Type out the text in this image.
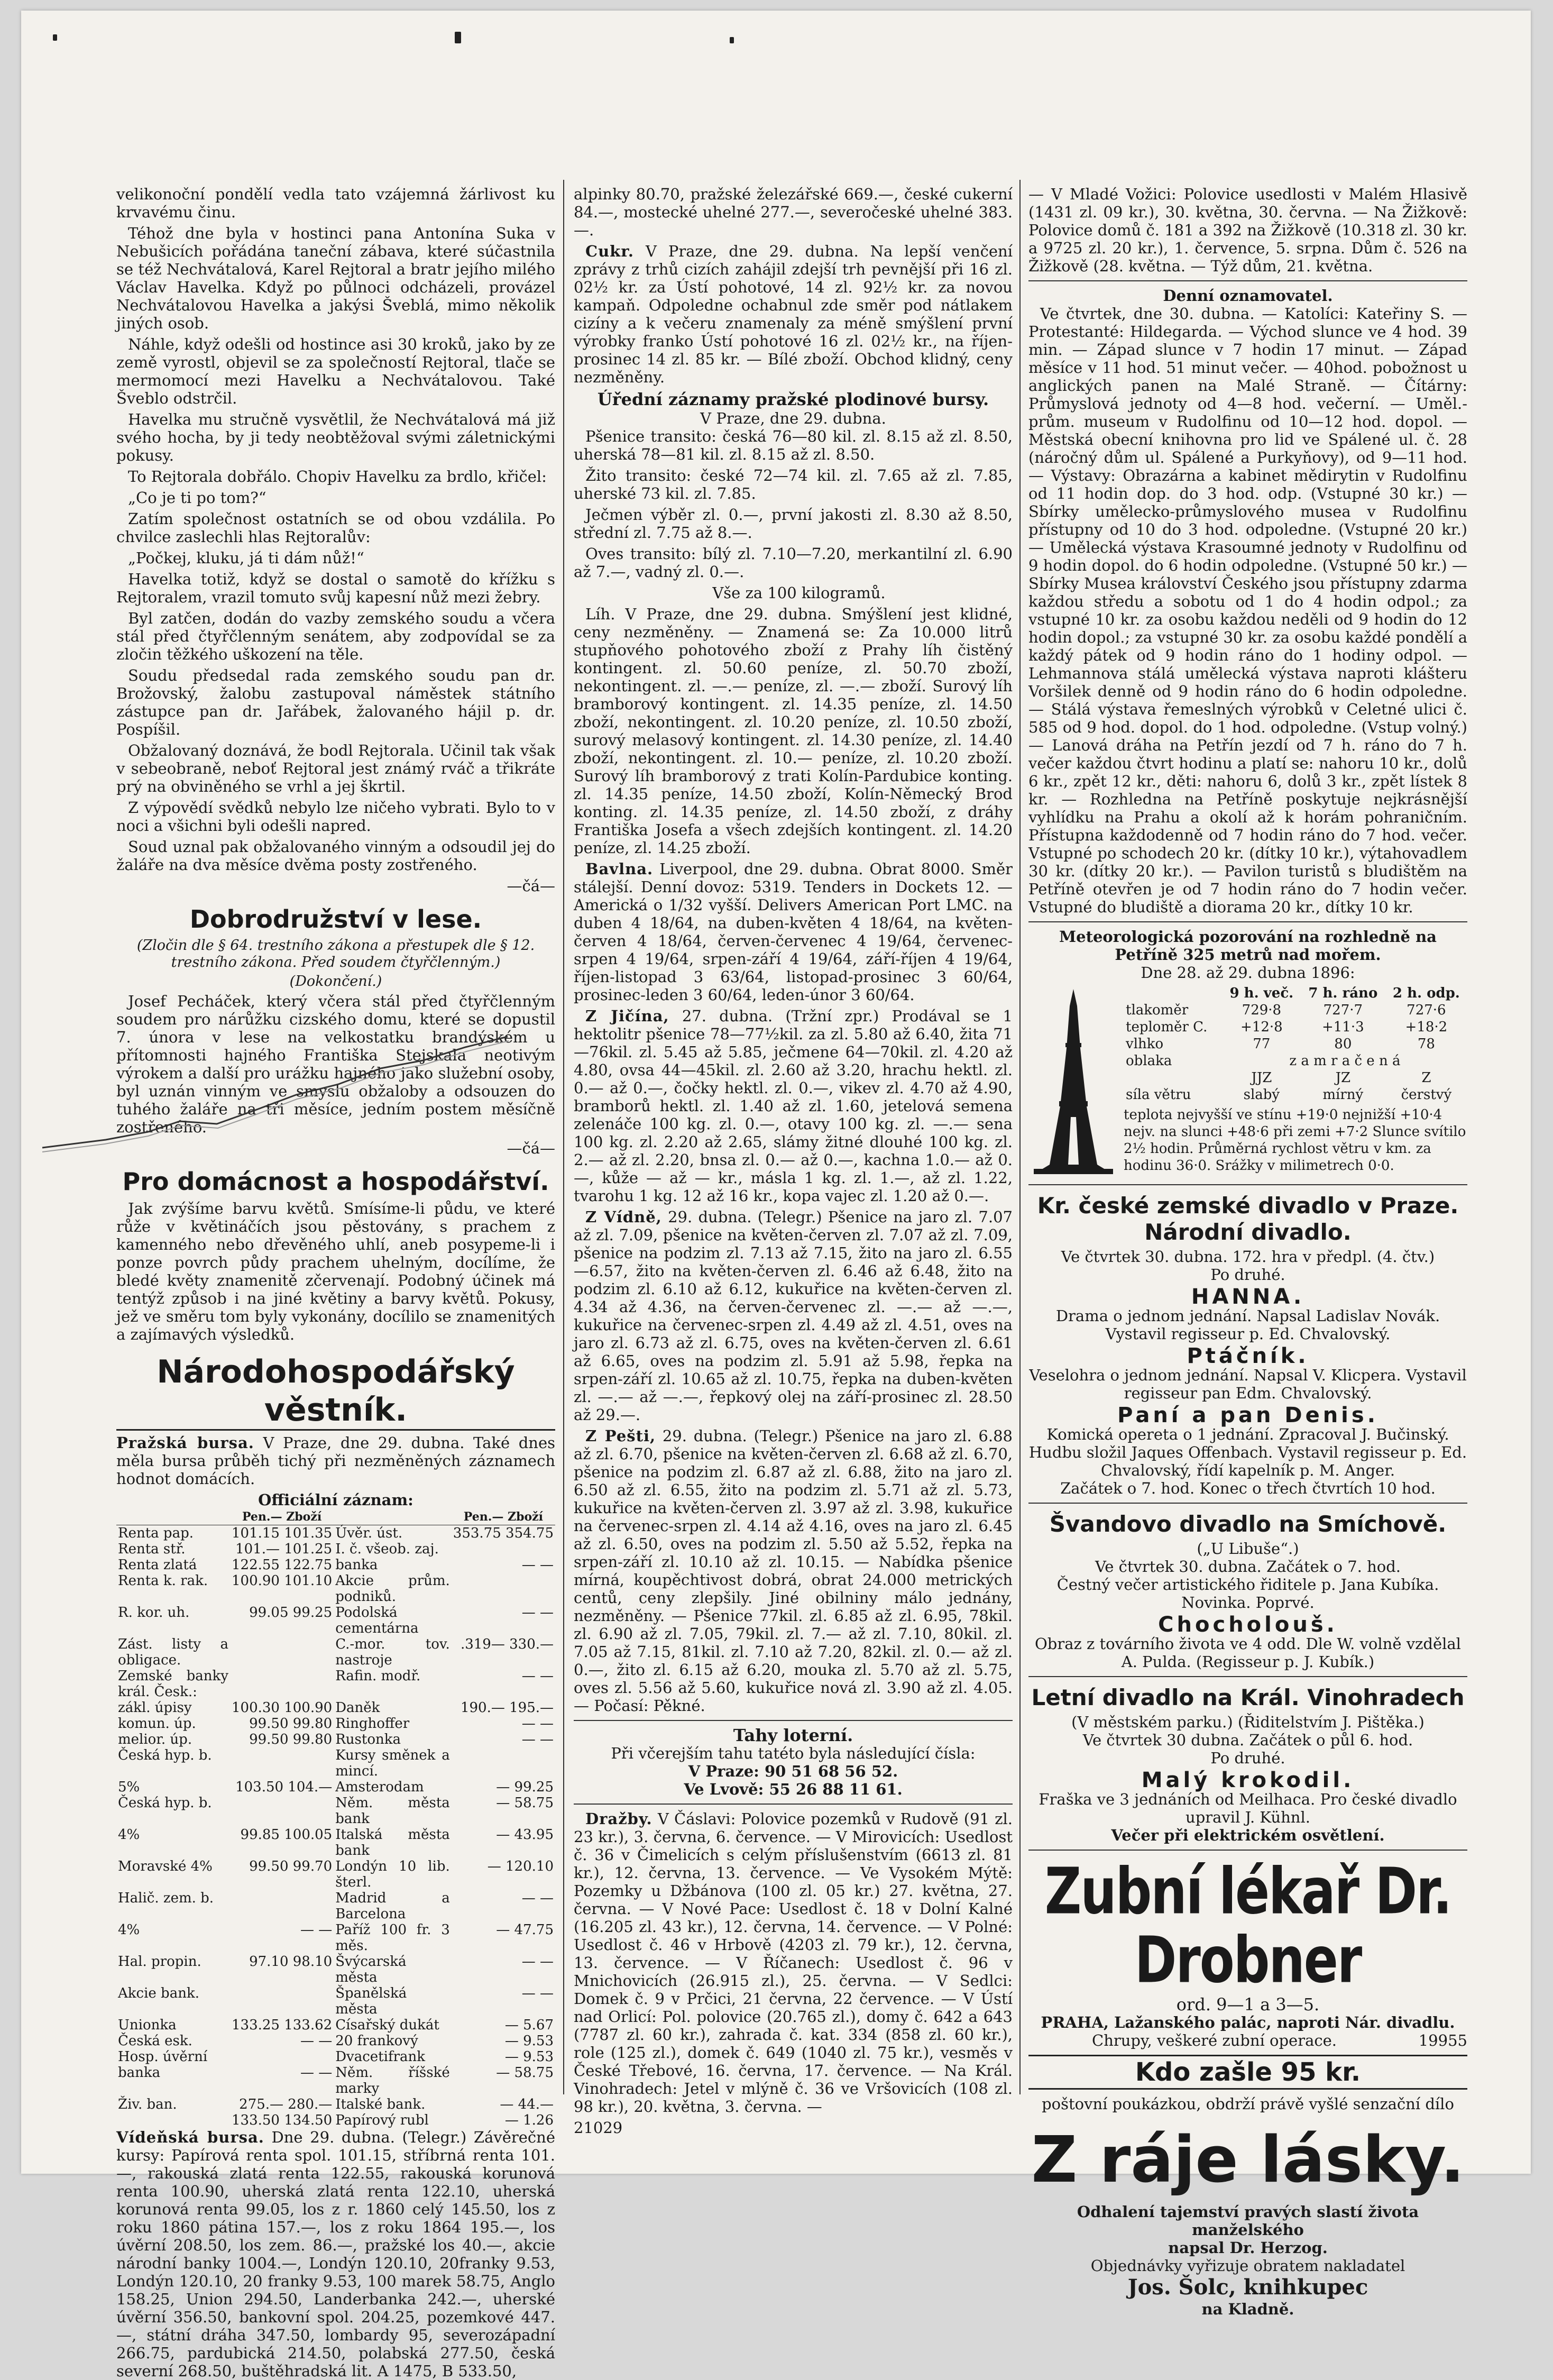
velikonoční pondělí vedla tato vzájemná žárlivost ku krvavému činu.

Téhož dne byla v hostinci pana Antonína Suka v Nebušicích pořádána taneční zábava, které súčastnila se též Nechvátalová, Karel Rejtoral a bratr jejího milého Václav Havelka. Když po půlnoci odcházeli, provázel Nechvátalovou Havelka a jakýsi Šveblá, mimo několik jiných osob.

Náhle, když odešli od hostince asi 30 kroků, jako by ze země vyrostl, objevil se za společností Rejtoral, tlače se mermomocí mezi Havelku a Nechvátalovou. Také Šveblo odstrčil.

Havelka mu stručně vysvětlil, že Nechvátalová má již svého hocha, by ji tedy neobtěžoval svými záletnickými pokusy.

To Rejtorala dobřálo. Chopiv Havelku za brdlo, křičel:

„Co je ti po tom?“

Zatím společnost ostatních se od obou vzdálila. Po chvilce zaslechli hlas Rejtoralův:

„Počkej, kluku, já ti dám nůž!“

Havelka totiž, když se dostal o samotě do křížku s Rejtoralem, vrazil tomuto svůj kapesní nůž mezi žebry.

Byl zatčen, dodán do vazby zemského soudu a včera stál před čtyřčlenným senátem, aby zodpovídal se za zločin těžkého uškození na těle.

Soudu předsedal rada zemského soudu pan dr. Brožovský, žalobu zastupoval náměstek státního zástupce pan dr. Jařábek, žalovaného hájil p. dr. Pospíšil.

Obžalovaný doznává, že bodl Rejtorala. Učinil tak však v sebeobraně, neboť Rejtoral jest známý rváč a třikráte prý na obviněného se vrhl a jej škrtil.

Z výpovědí svědků nebylo lze ničeho vybrati. Bylo to v noci a všichni byli odešli napred.

Soud uznal pak obžalovaného vinným a odsoudil jej do žaláře na dva měsíce dvěma posty zostřeného.

—čá—
Dobrodružství v lese.
(Zločin dle § 64. trestního zákona a přestupek dle § 12. trestního zákona. Před soudem čtyřčlenným.)
(Dokončení.)

Josef Pecháček, který včera stál před čtyřčlenným soudem pro nárůžku cizského domu, které se dopustil 7. února v lese na velkostatku brandýském u přítomnosti hajného Františka Stejskala neotivým výrokem a další pro urážku hajného jako služební osoby, byl uznán vinným ve smyslu obžaloby a odsouzen do tuhého žaláře na tři měsíce, jedním postem měsíčně zostřeného.

—čá—
Pro domácnost a hospodářství.

Jak zvýšíme barvu květů. Smísíme-li půdu, ve které růže v květináčích jsou pěstovány, s prachem z kamenného nebo dřevěného uhlí, aneb posypeme-li i ponze povrch půdy prachem uhelným, docílíme, že bledé květy znamenitě zčervenají. Podobný účinek má tentýž způsob i na jiné květiny a barvy květů. Pokusy, jež ve směru tom byly vykonány, docílilo se znamenitých a zajímavých výsledků.

Národohospodářský věstník.

Pražská bursa. V Praze, dne 29. dubna. Také dnes měla bursa průběh tichý při nezměněných záznamech hodnot domácích.

Officiální záznam:
	Pen.— Zboží		Pen.— Zboží
Renta pap.	101.15 101.35	Úvěr. úst.	353.75 354.75
Renta stř.	101.— 101.25	I. č. všeob. zaj.	
Renta zlatá	122.55 122.75	banka	— —
Renta k. rak.	100.90 101.10	Akcie prům. podniků.	
R. kor. uh.	99.05 99.25	Podolská cementárna	— —
Zást. listy a obligace.		C.-mor. tov. nastroje	.319— 330.—
Zemské banky král. Česk.:		Rafin. modř.	— —
zákl. úpisy	100.30 100.90	Daněk	190.— 195.—
komun. úp.	99.50 99.80	Ringhoffer	— —
melior. úp.	99.50 99.80	Rustonka	— —
Česká hyp. b.		Kursy směnek a mincí.	
5%	103.50 104.—	Amsterodam	— 99.25
Česká hyp. b.		Něm. města bank	— 58.75
4%	99.85 100.05	Italská města bank	— 43.95
Moravské 4%	99.50 99.70	Londýn 10 lib. šterl.	— 120.10
Halič. zem. b.		Madrid a Barcelona	— —
4%	— —	Paříž 100 fr. 3 měs.	— 47.75
Hal. propin.	97.10 98.10	Švýcarská města	— —
Akcie bank.		Španělská města	— —
Unionka	133.25 133.62	Císařský dukát	— 5.67
Česká esk.	— —	20 frankový	— 9.53
Hosp. úvěrní		Dvacetifrank	— 9.53
banka	— —	Něm. říšské marky	— 58.75
Živ. ban.	275.— 280.—	Italské bank.	— 44.—
	133.50 134.50	Papírový rubl	— 1.26

Vídeňská bursa. Dne 29. dubna. (Telegr.) Závěrečné kursy: Papírová renta spol. 101.15, stříbrná renta 101.—, rakouská zlatá renta 122.55, rakouská korunová renta 100.90, uherská zlatá renta 122.10, uherská korunová renta 99.05, los z r. 1860 celý 145.50, los z roku 1860 pátina 157.—, los z roku 1864 195.—, los úvěrní 208.50, los zem. 86.—, pražské los 40.—, akcie národní banky 1004.—, Londýn 120.10, 20franky 9.53, Londýn 120.10, 20 franky 9.53, 100 marek 58.75, Anglo 158.25, Union 294.50, Landerbanka 242.—, uherské úvěrní 356.50, bankovní spol. 204.25, pozemkové 447.—, státní dráha 347.50, lombardy 95, severozápadní 266.75, pardubická 214.50, polabská 277.50, česká severní 268.50, buštěhradská lit. A 1475, B 533.50,

alpinky 80.70, pražské železářské 669.—, české cukerní 84.—, mostecké uhelné 277.—, severočeské uhelné 383.—.

Cukr. V Praze, dne 29. dubna. Na lepší venčení zprávy z trhů cizích zahájil zdejší trh pevnější při 16 zl. 02½ kr. za Ústí pohotové, 14 zl. 92½ kr. za novou kampaň. Odpoledne ochabnul zde směr pod nátlakem cizíny a k večeru znamenaly za méně smýšlení první výrobky franko Ústí pohotové 16 zl. 02½ kr., na říjen-prosinec 14 zl. 85 kr. — Bílé zboží. Obchod klidný, ceny nezměněny.

Úřední záznamy pražské plodinové bursy.
V Praze, dne 29. dubna.

Pšenice transito: česká 76—80 kil. zl. 8.15 až zl. 8.50, uherská 78—81 kil. zl. 8.15 až zl. 8.50.

Žito transito: české 72—74 kil. zl. 7.65 až zl. 7.85, uherské 73 kil. zl. 7.85.

Ječmen výběr zl. 0.—, první jakosti zl. 8.30 až 8.50, střední zl. 7.75 až 8.—.

Oves transito: bílý zl. 7.10—7.20, merkantilní zl. 6.90 až 7.—, vadný zl. 0.—.

Vše za 100 kilogramů.

Líh. V Praze, dne 29. dubna. Smýšlení jest klidné, ceny nezměněny. — Znamená se: Za 10.000 litrů stupňového pohotového zboží z Prahy líh čistěný kontingent. zl. 50.60 peníze, zl. 50.70 zboží, nekontingent. zl. —.— peníze, zl. —.— zboží. Surový líh bramborový kontingent. zl. 14.35 peníze, zl. 14.50 zboží, nekontingent. zl. 10.20 peníze, zl. 10.50 zboží, surový melasový kontingent. zl. 14.30 peníze, zl. 14.40 zboží, nekontingent. zl. 10.— peníze, zl. 10.20 zboží. Surový líh bramborový z trati Kolín-Pardubice konting. zl. 14.35 peníze, 14.50 zboží, Kolín-Německý Brod konting. zl. 14.35 peníze, zl. 14.50 zboží, z dráhy Františka Josefa a všech zdejších kontingent. zl. 14.20 peníze, zl. 14.25 zboží.

Bavlna. Liverpool, dne 29. dubna. Obrat 8000. Směr stálejší. Denní dovoz: 5319. Tenders in Dockets 12. — Americká o 1/32 vyšší. Delivers American Port LMC. na duben 4 18/64, na duben-květen 4 18/64, na květen-červen 4 18/64, červen-červenec 4 19/64, červenec-srpen 4 19/64, srpen-září 4 19/64, září-říjen 4 19/64, říjen-listopad 3 63/64, listopad-prosinec 3 60/64, prosinec-leden 3 60/64, leden-únor 3 60/64.

Z Jičína, 27. dubna. (Tržní zpr.) Prodával se 1 hektolitr pšenice 78—77½kil. za zl. 5.80 až 6.40, žita 71—76kil. zl. 5.45 až 5.85, ječmene 64—70kil. zl. 4.20 až 4.80, ovsa 44—45kil. zl. 2.60 až 3.20, hrachu hektl. zl. 0.— až 0.—, čočky hektl. zl. 0.—, vikev zl. 4.70 až 4.90, bramborů hektl. zl. 1.40 až zl. 1.60, jetelová semena zelenáče 100 kg. zl. 0.—, otavy 100 kg. zl. —.— sena 100 kg. zl. 2.20 až 2.65, slámy žitné dlouhé 100 kg. zl. 2.— až zl. 2.20, bnsa zl. 0.— až 0.—, kachna 1.0.— až 0.—, kůže — až — kr., másla 1 kg. zl. 1.—, až zl. 1.22, tvarohu 1 kg. 12 až 16 kr., kopa vajec zl. 1.20 až 0.—.

Z Vídně, 29. dubna. (Telegr.) Pšenice na jaro zl. 7.07 až zl. 7.09, pšenice na květen-červen zl. 7.07 až zl. 7.09, pšenice na podzim zl. 7.13 až 7.15, žito na jaro zl. 6.55—6.57, žito na květen-červen zl. 6.46 až 6.48, žito na podzim zl. 6.10 až 6.12, kukuřice na květen-červen zl. 4.34 až 4.36, na červen-červenec zl. —.— až —.—, kukuřice na červenec-srpen zl. 4.49 až zl. 4.51, oves na jaro zl. 6.73 až zl. 6.75, oves na květen-červen zl. 6.61 až 6.65, oves na podzim zl. 5.91 až 5.98, řepka na srpen-září zl. 10.65 až zl. 10.75, řepka na duben-květen zl. —.— až —.—, řepkový olej na září-prosinec zl. 28.50 až 29.—.

Z Pešti, 29. dubna. (Telegr.) Pšenice na jaro zl. 6.88 až zl. 6.70, pšenice na květen-červen zl. 6.68 až zl. 6.70, pšenice na podzim zl. 6.87 až zl. 6.88, žito na jaro zl. 6.50 až zl. 6.55, žito na podzim zl. 5.71 až zl. 5.73, kukuřice na květen-červen zl. 3.97 až zl. 3.98, kukuřice na červenec-srpen zl. 4.14 až 4.16, oves na jaro zl. 6.45 až zl. 6.50, oves na podzim zl. 5.50 až 5.52, řepka na srpen-září zl. 10.10 až zl. 10.15. — Nabídka pšenice mírná, koupěchtivost dobrá, obrat 24.000 metrických centů, ceny zlepšily. Jiné obilniny málo jednány, nezměněny. — Pšenice 77kil. zl. 6.85 až zl. 6.95, 78kil. zl. 6.90 až zl. 7.05, 79kil. zl. 7.— až zl. 7.10, 80kil. zl. 7.05 až 7.15, 81kil. zl. 7.10 až 7.20, 82kil. zl. 0.— až zl. 0.—, žito zl. 6.15 až 6.20, mouka zl. 5.70 až zl. 5.75, oves zl. 5.56 až 5.60, kukuřice nová zl. 3.90 až zl. 4.05. — Počasí: Pěkné.

Tahy loterní.
Při včerejším tahu tatéto byla následující čísla:
V Praze: 90 51 68 56 52.
Ve Lvově: 55 26 88 11 61.

Dražby. V Čáslavi: Polovice pozemků v Rudově (91 zl. 23 kr.), 3. června, 6. července. — V Mirovicích: Usedlost č. 36 v Čimelicích s celým příslušenstvím (6613 zl. 81 kr.), 12. června, 13. července. — Ve Vysokém Mýtě: Pozemky u Džbánova (100 zl. 05 kr.) 27. května, 27. června. — V Nové Pace: Usedlost č. 18 v Dolní Kalné (16.205 zl. 43 kr.), 12. června, 14. července. — V Polné: Usedlost č. 46 v Hrbově (4203 zl. 79 kr.), 12. června, 13. července. — V Říčanech: Usedlost č. 96 v Mnichovicích (26.915 zl.), 25. června. — V Sedlci: Domek č. 9 v Prčici, 21 června, 22 července. — V Ústí nad Orlicí: Pol. polovice (20.765 zl.), domy č. 642 a 643 (7787 zl. 60 kr.), zahrada č. kat. 334 (858 zl. 60 kr.), role (125 zl.), domek č. 649 (1040 zl. 75 kr.), vesměs v České Třebové, 16. června, 17. července. — Na Král. Vinohradech: Jetel v mlýně č. 36 ve Vršovicích (108 zl. 98 kr.), 20. května, 3. června. —

21029

— V Mladé Vožici: Polovice usedlosti v Malém Hlasivě (1431 zl. 09 kr.), 30. května, 30. června. — Na Žižkově: Polovice domů č. 181 a 392 na Žižkově (10.318 zl. 30 kr. a 9725 zl. 20 kr.), 1. července, 5. srpna. Dům č. 526 na Žižkově (28. května. — Týž dům, 21. května.

Denní oznamovatel.

Ve čtvrtek, dne 30. dubna. — Katolíci: Kateřiny S. — Protestanté: Hildegarda. — Východ slunce ve 4 hod. 39 min. — Západ slunce v 7 hodin 17 minut. — Západ měsíce v 11 hod. 51 minut večer. — 40hod. pobožnost u anglických panen na Malé Straně. — Čítárny: Průmyslová jednoty od 4—8 hod. večerní. — Uměl.-prům. museum v Rudolfinu od 10—12 hod. dopol. — Městská obecní knihovna pro lid ve Spálené ul. č. 28 (náročný dům ul. Spálené a Purkyňovy), od 9—11 hod. — Výstavy: Obrazárna a kabinet mědirytin v Rudolfinu od 11 hodin dop. do 3 hod. odp. (Vstupné 30 kr.) — Sbírky umělecko-průmyslového musea v Rudolfinu přístupny od 10 do 3 hod. odpoledne. (Vstupné 20 kr.) — Umělecká výstava Krasoumné jednoty v Rudolfinu od 9 hodin dopol. do 6 hodin odpoledne. (Vstupné 50 kr.) — Sbírky Musea království Českého jsou přístupny zdarma každou středu a sobotu od 1 do 4 hodin odpol.; za vstupné 10 kr. za osobu každou neděli od 9 hodin do 12 hodin dopol.; za vstupné 30 kr. za osobu každé pondělí a každý pátek od 9 hodin ráno do 1 hodiny odpol. — Lehmannova stálá umělecká výstava naproti klášteru Voršilek denně od 9 hodin ráno do 6 hodin odpoledne. — Stálá výstava řemeslných výrobků v Celetné ulici č. 585 od 9 hod. dopol. do 1 hod. odpoledne. (Vstup volný.) — Lanová dráha na Petřín jezdí od 7 h. ráno do 7 h. večer každou čtvrt hodinu a platí se: nahoru 10 kr., dolů 6 kr., zpět 12 kr., děti: nahoru 6, dolů 3 kr., zpět lístek 8 kr. — Rozhledna na Petříně poskytuje nejkrásnější vyhlídku na Prahu a okolí až k horám pohraničním. Přístupna každodenně od 7 hodin ráno do 7 hod. večer. Vstupné po schodech 20 kr. (dítky 10 kr.), výtahovadlem 30 kr. (dítky 20 kr.). — Pavilon turistů s bludištěm na Petříně otevřen je od 7 hodin ráno do 7 hodin večer. Vstupné do bludiště a diorama 20 kr., dítky 10 kr.

Meteorologická pozorování na rozhledně na Petříně 325 metrů nad mořem.
Dne 28. až 29. dubna 1896:
	9 h. več.	7 h. ráno	2 h. odp.
tlakoměr	729·8	727·7	727·6
teploměr C.	+12·8	+11·3	+18·2
vlhko	77	80	78
oblaka	z a m r a č e n á		
	JJZ	JZ	Z
síla větru	slabý	mírný	čerstvý
teplota nejvyšší ve stínu +19·0 nejnižší +10·4 nejv. na slunci +48·6 při zemi +7·2 Slunce svítilo 2½ hodin. Průměrná rychlost větru v km. za hodinu 36·0. Srážky v milimetrech 0·0.
Kr. české zemské divadlo v Praze. Národní divadlo.
Ve čtvrtek 30. dubna. 172. hra v předpl. (4. čtv.)
Po druhé.
HANNA.
Drama o jednom jednání. Napsal Ladislav Novák. Vystavil regisseur p. Ed. Chvalovský.
Ptáčník.
Veselohra o jednom jednání. Napsal V. Klicpera. Vystavil regisseur pan Edm. Chvalovský.
Paní a pan Denis.
Komická opereta o 1 jednání. Zpracoval J. Bučinský. Hudbu složil Jaques Offenbach. Vystavil regisseur p. Ed. Chvalovský, řídí kapelník p. M. Anger.
Začátek o 7. hod. Konec o třech čtvrtích 10 hod.
Švandovo divadlo na Smíchově.
(„U Libuše“.)
Ve čtvrtek 30. dubna. Začátek o 7. hod.
Čestný večer artistického řiditele p. Jana Kubíka.
Novinka. Poprvé.
Chocholouš.
Obraz z továrního života ve 4 odd. Dle W. volně vzdělal A. Pulda. (Regisseur p. J. Kubík.)
Letní divadlo na Král. Vinohradech
(V městském parku.) (Řiditelstvím J. Pištěka.)
Ve čtvrtek 30 dubna. Začátek o půl 6. hod.
Po druhé.
Malý krokodil.
Fraška ve 3 jednáních od Meilhaca. Pro české divadlo upravil J. Kühnl.
Večer při elektrickém osvětlení.
Zubní lékař Dr. Drobner
ord. 9—1 a 3—5.
PRAHA, Lažanského palác, naproti Nár. divadlu.
Chrupy, veškeré zubní operace.	19955
Kdo zašle 95 kr.
poštovní poukázkou, obdrží právě vyšlé senzační dílo
Z ráje lásky.
Odhalení tajemství pravých slastí života manželského
napsal Dr. Herzog.
Objednávky vyřizuje obratem nakladatel
Jos. Šolc, knihkupec
na Kladně.
